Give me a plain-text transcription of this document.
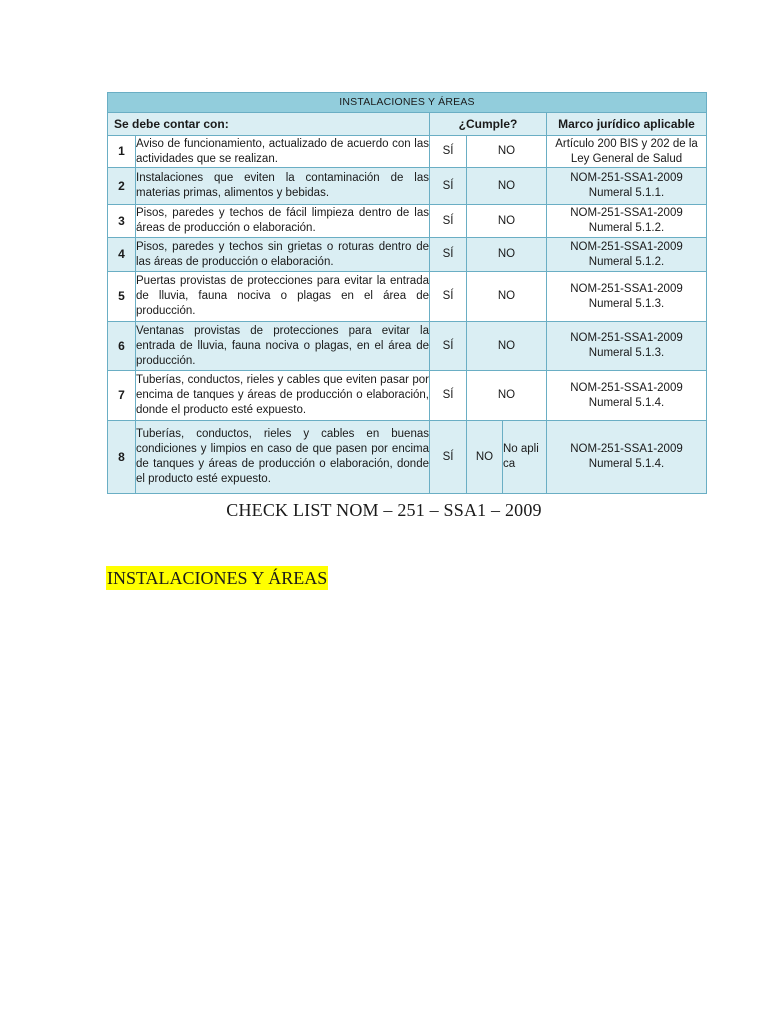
INSTALACIONES Y ÁREAS					
Se debe contar con:		¿Cumple?			Marco jurídico aplicable
1	Aviso de funcionamiento, actualizado de acuerdo con las actividades que se realizan.	SÍ	NO		Artículo 200 BIS y 202 de la Ley General de Salud
2	Instalaciones que eviten la contaminación de las materias primas, alimentos y bebidas.	SÍ	NO		NOM-251-SSA1-2009 Numeral 5.1.1.
3	Pisos, paredes y techos de fácil limpieza dentro de las áreas de producción o elaboración.	SÍ	NO		NOM-251-SSA1-2009 Numeral 5.1.2.
4	Pisos, paredes y techos sin grietas o roturas dentro de las áreas de producción o elaboración.	SÍ	NO		NOM-251-SSA1-2009 Numeral 5.1.2.
5	Puertas provistas de protecciones para evitar la entrada de lluvia, fauna nociva o plagas en el área de producción.	SÍ	NO		NOM-251-SSA1-2009 Numeral 5.1.3.
6	Ventanas provistas de protecciones para evitar la entrada de lluvia, fauna nociva o plagas, en el área de producción.	SÍ	NO		NOM-251-SSA1-2009 Numeral 5.1.3.
7	Tuberías, conductos, rieles y cables que eviten pasar por encima de tanques y áreas de producción o elaboración, donde el producto esté expuesto.	SÍ	NO		NOM-251-SSA1-2009 Numeral 5.1.4.
8	Tuberías, conductos, rieles y cables en buenas condiciones y limpios en caso de que pasen por encima de tanques y áreas de producción o elaboración, donde el producto esté expuesto.	SÍ	NO	No apli ca	NOM-251-SSA1-2009 Numeral 5.1.4.
CHECK LIST NOM – 251 – SSA1 – 2009
INSTALACIONES Y ÁREAS
